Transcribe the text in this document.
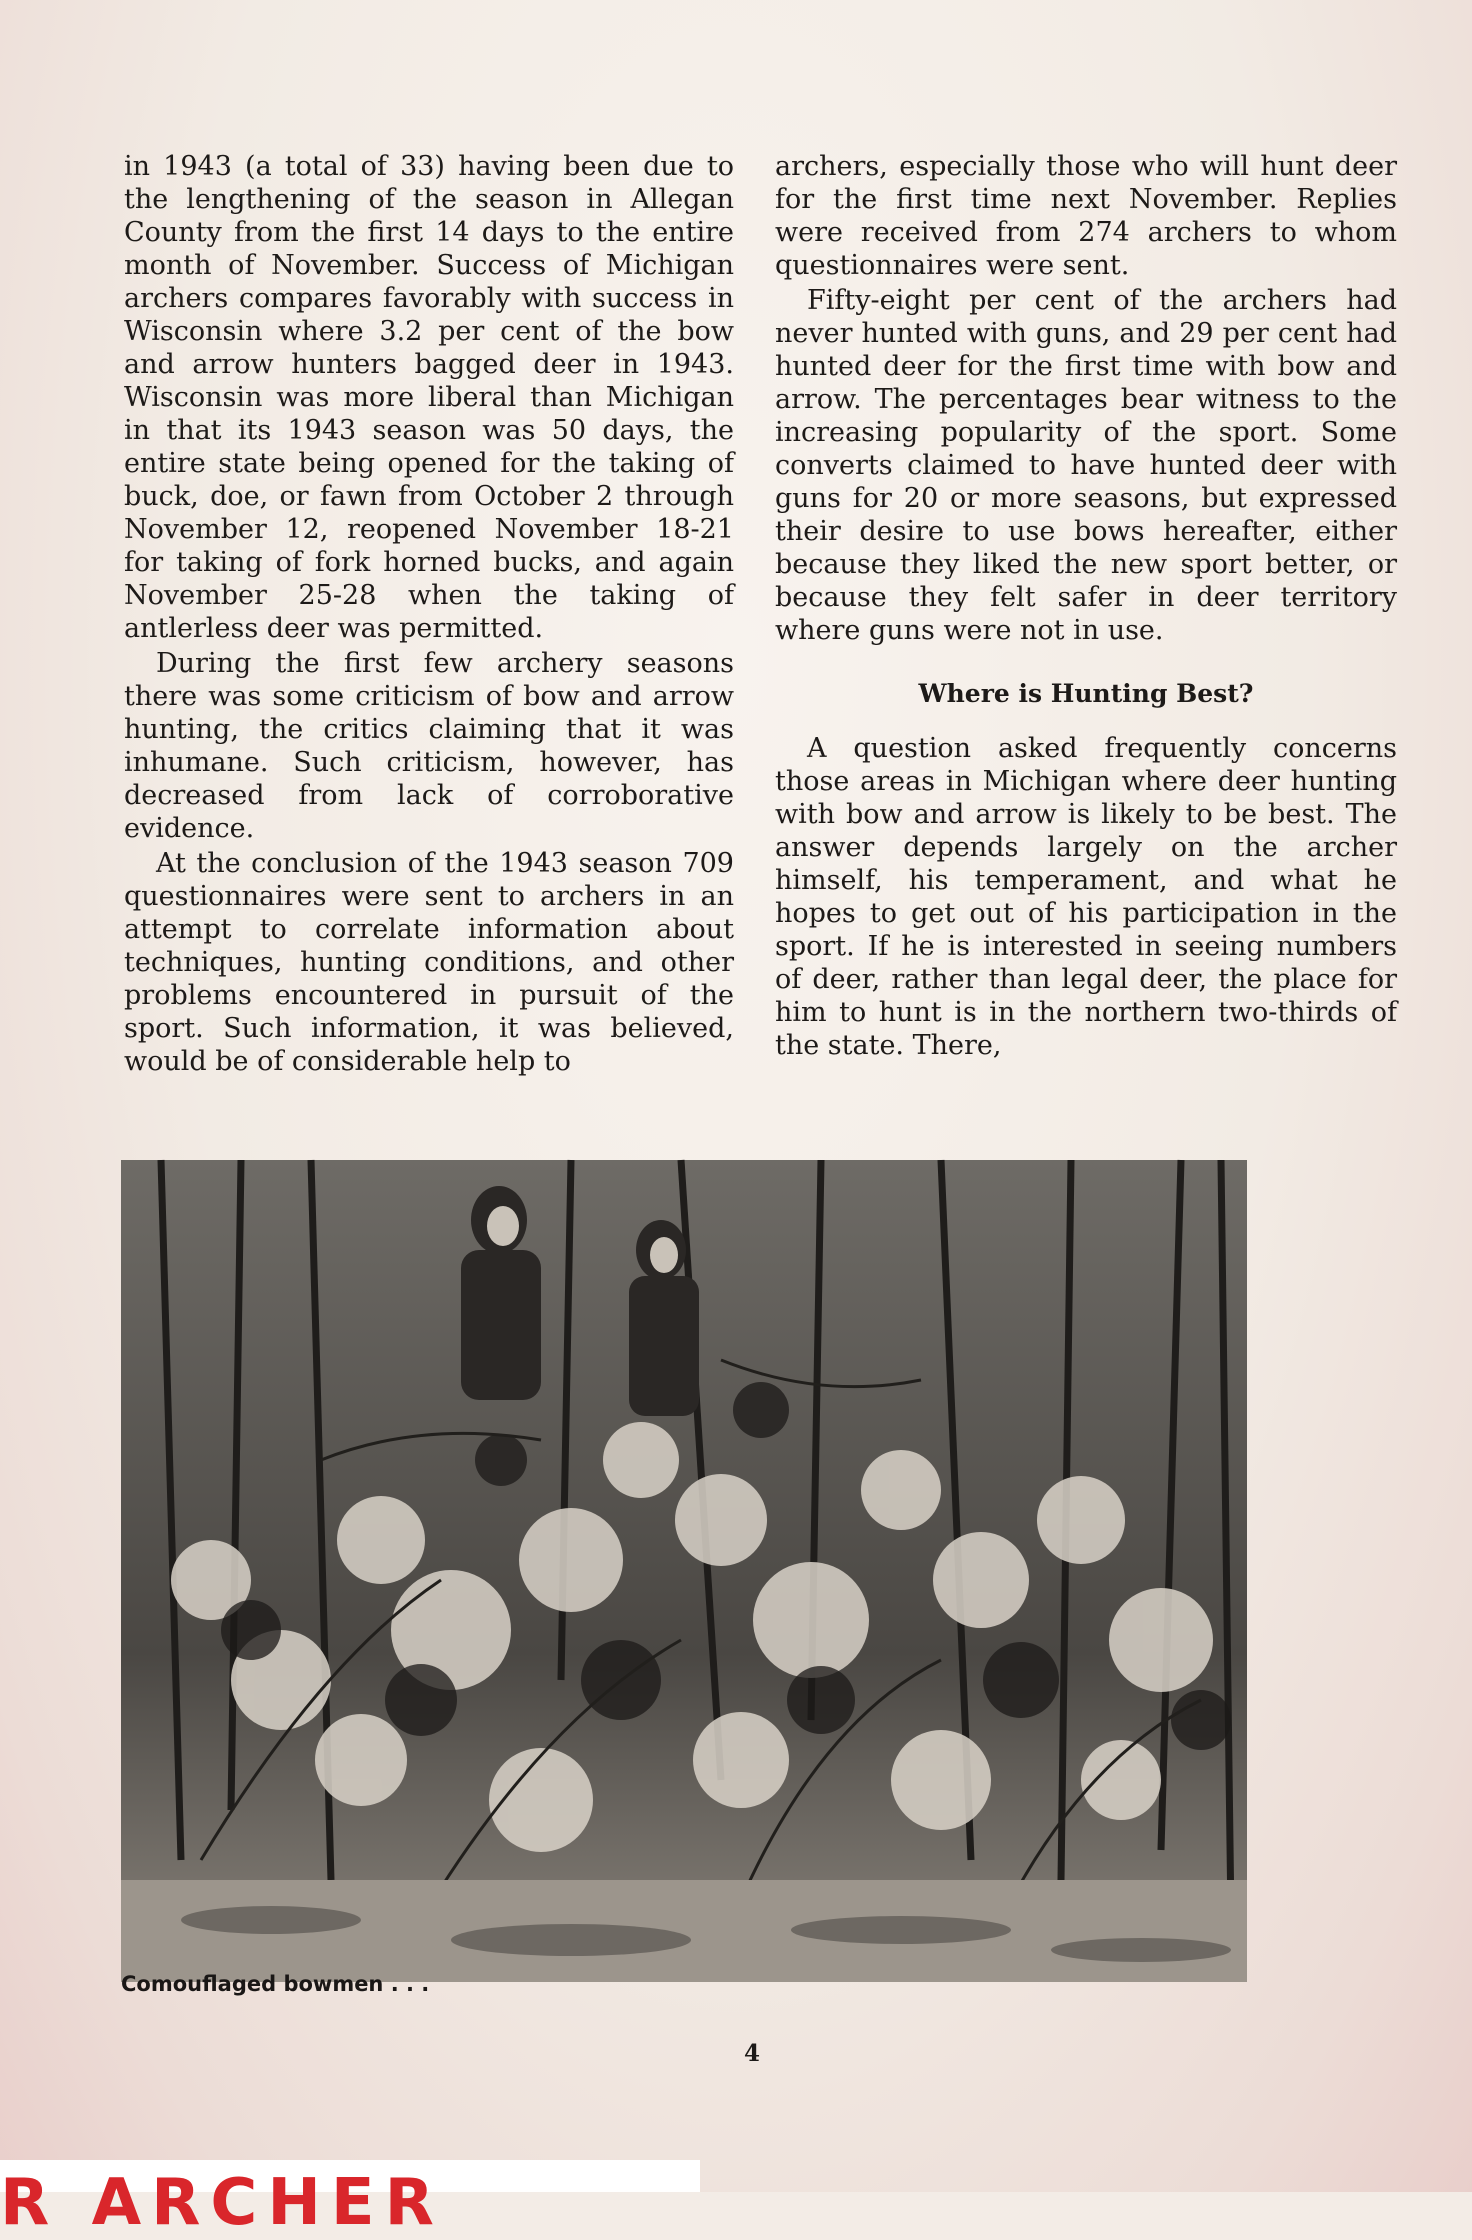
in 1943 (a total of 33) having been due to the lengthening of the season in Allegan County from the first 14 days to the entire month of November. Success of Michigan archers compares favorably with success in Wisconsin where 3.2 per cent of the bow and arrow hunters bagged deer in 1943. Wisconsin was more liberal than Michigan in that its 1943 season was 50 days, the entire state being opened for the taking of buck, doe, or fawn from October 2 through November 12, reopened November 18-21 for taking of fork horned bucks, and again November 25-28 when the taking of antlerless deer was permitted.

During the first few archery seasons there was some criticism of bow and arrow hunting, the critics claiming that it was inhumane. Such criticism, however, has decreased from lack of corroborative evidence.

At the conclusion of the 1943 season 709 questionnaires were sent to archers in an attempt to correlate information about techniques, hunting conditions, and other problems encountered in pursuit of the sport. Such information, it was believed, would be of considerable help to

archers, especially those who will hunt deer for the first time next November. Replies were received from 274 archers to whom questionnaires were sent.

Fifty-eight per cent of the archers had never hunted with guns, and 29 per cent had hunted deer for the first time with bow and arrow. The percentages bear witness to the increasing popularity of the sport. Some converts claimed to have hunted deer with guns for 20 or more seasons, but expressed their desire to use bows hereafter, either because they liked the new sport better, or because they felt safer in deer territory where guns were not in use.

Where is Hunting Best?

A question asked frequently concerns those areas in Michigan where deer hunting with bow and arrow is likely to be best. The answer depends largely on the archer himself, his temperament, and what he hopes to get out of his participation in the sport. If he is interested in seeing numbers of deer, rather than legal deer, the place for him to hunt is in the northern two-thirds of the state. There,

Comouflaged bowmen . . .
4
R ARCHER
